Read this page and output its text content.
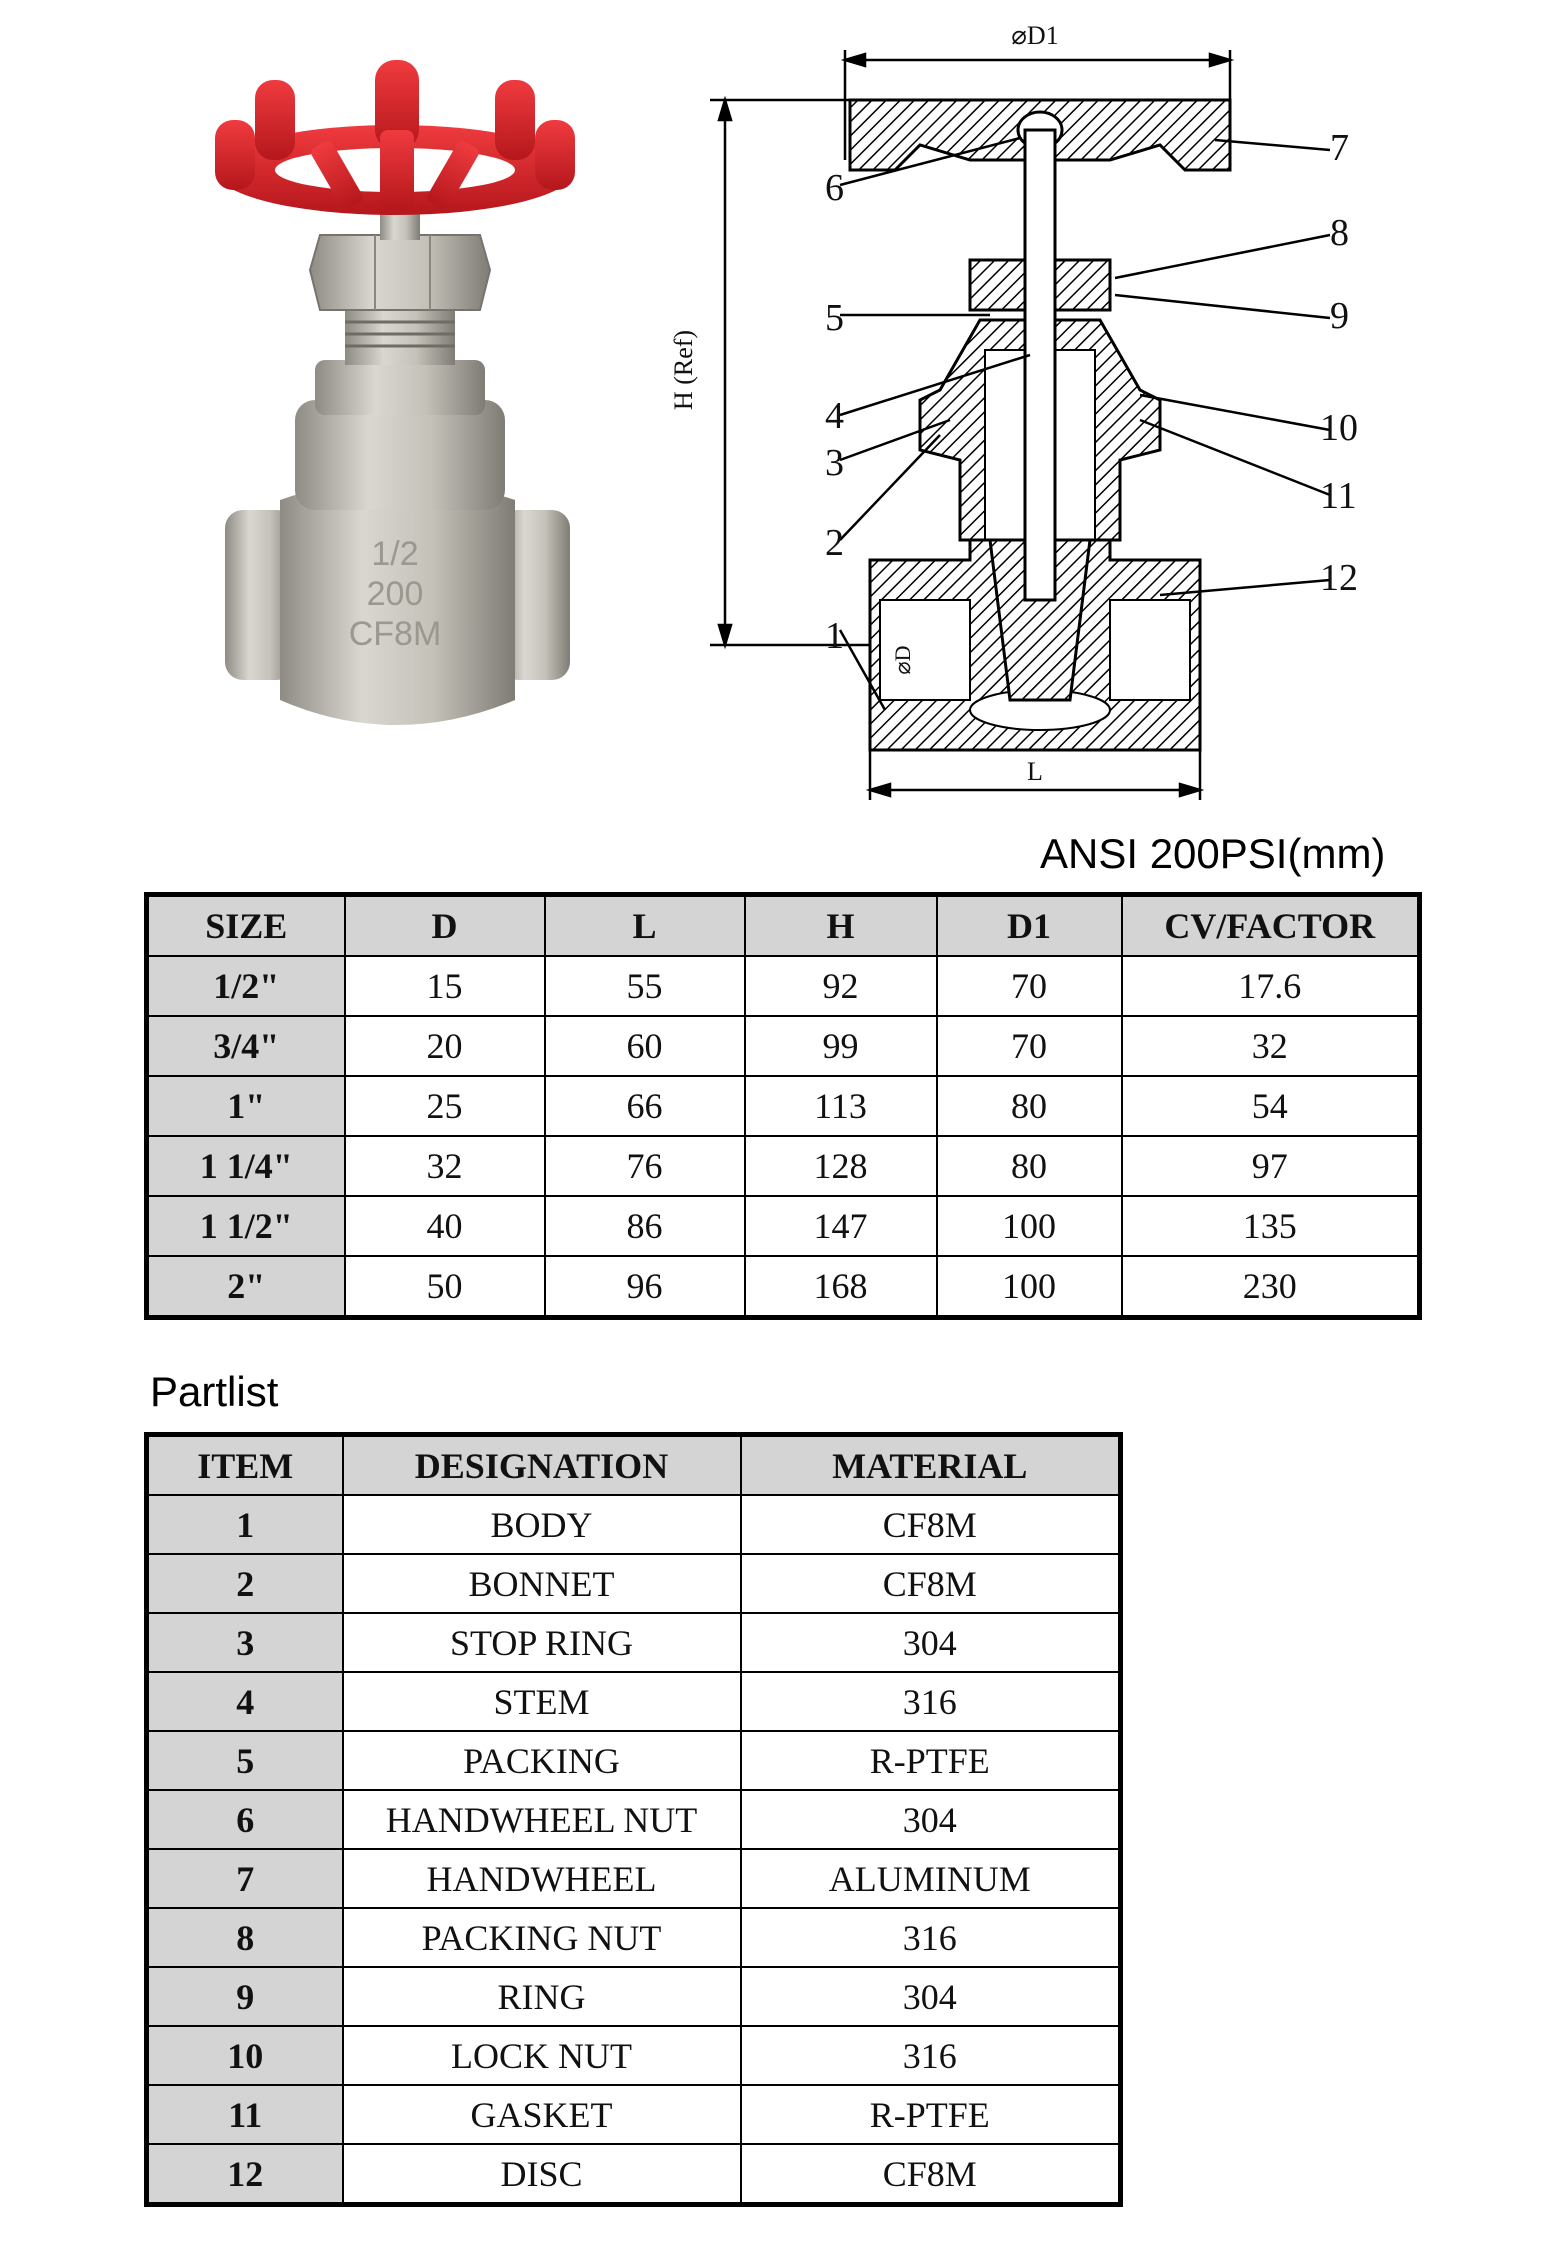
1/2
200
CF8M
⌀D1
H (Ref)
⌀D
L
1
2
3
4
5
6
7
8
9
10
11
12
ANSI 200PSI(mm)
SIZE	D	L	H	D1	CV/FACTOR
1/2"	15	55	92	70	17.6
3/4"	20	60	99	70	32
1"	25	66	113	80	54
1 1/4"	32	76	128	80	97
1 1/2"	40	86	147	100	135
2"	50	96	168	100	230
Partlist
ITEM	DESIGNATION	MATERIAL
1	BODY	CF8M
2	BONNET	CF8M
3	STOP RING	304
4	STEM	316
5	PACKING	R-PTFE
6	HANDWHEEL NUT	304
7	HANDWHEEL	ALUMINUM
8	PACKING NUT	316
9	RING	304
10	LOCK NUT	316
11	GASKET	R-PTFE
12	DISC	CF8M
